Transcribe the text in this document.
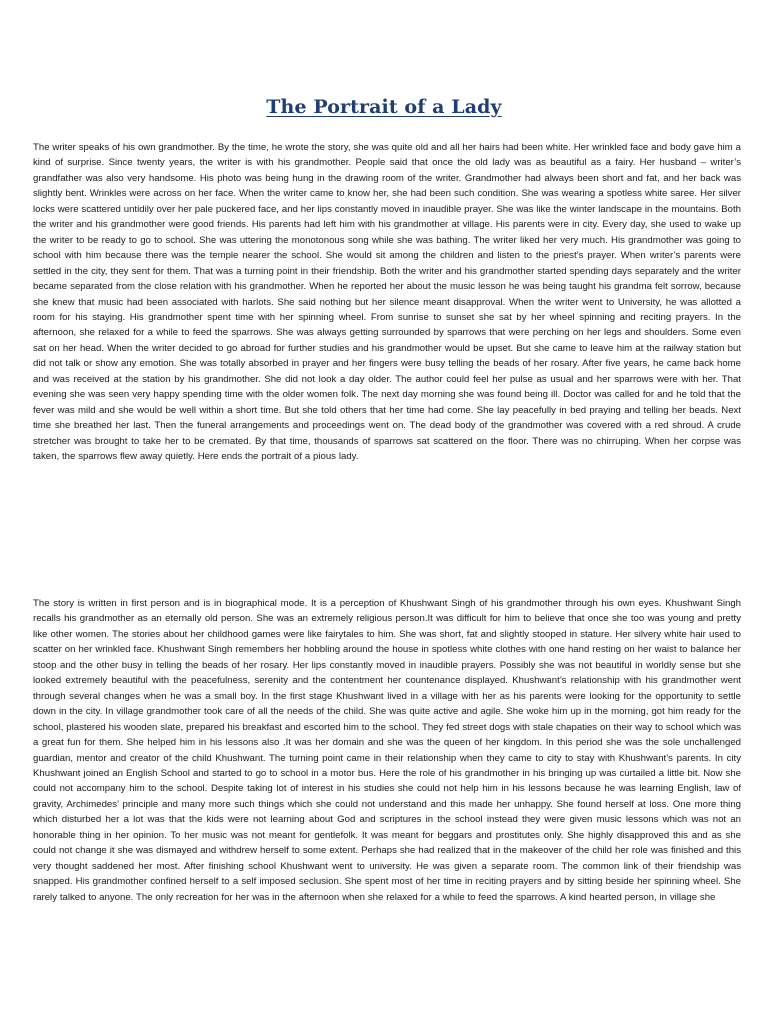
The Portrait of a Lady

The writer speaks of his own grandmother. By the time, he wrote the story, she was quite old and all her hairs had been white. Her wrinkled face and body gave him a kind of surprise. Since twenty years, the writer is with his grandmother. People said that once the old lady was as beautiful as a fairy. Her husband – writer’s grandfather was also very handsome. His photo was being hung in the drawing room of the writer. Grandmother had always been short and fat, and her back was slightly bent. Wrinkles were across on her face. When the writer came to know her, she had been such condition. She was wearing a spotless white saree. Her silver locks were scattered untidily over her pale puckered face, and her lips constantly moved in inaudible prayer. She was like the winter landscape in the mountains. Both the writer and his grandmother were good friends. His parents had left him with his grandmother at village. His parents were in city. Every day, she used to wake up the writer to be ready to go to school. She was uttering the monotonous song while she was bathing. The writer liked her very much. His grandmother was going to school with him because there was the temple nearer the school. She would sit among the children and listen to the priest’s prayer. When writer’s parents were settled in the city, they sent for them. That was a turning point in their friendship. Both the writer and his grandmother started spending days separately and the writer became separated from the close relation with his grandmother. When he reported her about the music lesson he was being taught his grandma felt sorrow, because she knew that music had been associated with harlots. She said nothing but her silence meant disapproval. When the writer went to University, he was allotted a room for his staying. His grandmother spent time with her spinning wheel. From sunrise to sunset she sat by her wheel spinning and reciting prayers. In the afternoon, she relaxed for a while to feed the sparrows. She was always getting surrounded by sparrows that were perching on her legs and shoulders. Some even sat on her head. When the writer decided to go abroad for further studies and his grandmother would be upset. But she came to leave him at the railway station but did not talk or show any emotion. She was totally absorbed in prayer and her fingers were busy telling the beads of her rosary. After five years, he came back home and was received at the station by his grandmother. She did not look a day older. The author could feel her pulse as usual and her sparrows were with her. That evening she was seen very happy spending time with the older women folk. The next day morning she was found being ill. Doctor was called for and he told that the fever was mild and she would be well within a short time. But she told others that her time had come. She lay peacefully in bed praying and telling her beads. Next time she breathed her last. Then the funeral arrangements and proceedings went on. The dead body of the grandmother was covered with a red shroud. A crude stretcher was brought to take her to be cremated. By that time, thousands of sparrows sat scattered on the floor. There was no chirruping. When her corpse was taken, the sparrows flew away quietly. Here ends the portrait of a pious lady.

The story is written in first person and is in biographical mode. It is a perception of Khushwant Singh of his grandmother through his own eyes. Khushwant Singh recalls his grandmother as an eternally old person. She was an extremely religious person.It was difficult for him to believe that once she too was young and pretty like other women. The stories about her childhood games were like fairytales to him. She was short, fat and slightly stooped in stature. Her silvery white hair used to scatter on her wrinkled face. Khushwant Singh remembers her hobbling around the house in spotless white clothes with one hand resting on her waist to balance her stoop and the other busy in telling the beads of her rosary. Her lips constantly moved in inaudible prayers. Possibly she was not beautiful in worldly sense but she looked extremely beautiful with the peacefulness, serenity and the contentment her countenance displayed. Khushwant’s relationship with his grandmother went through several changes when he was a small boy. In the first stage Khushwant lived in a village with her as his parents were looking for the opportunity to settle down in the city. In village grandmother took care of all the needs of the child. She was quite active and agile. She woke him up in the morning, got him ready for the school, plastered his wooden slate, prepared his breakfast and escorted him to the school. They fed street dogs with stale chapaties on their way to school which was a great fun for them. She helped him in his lessons also .It was her domain and she was the queen of her kingdom. In this period she was the sole unchallenged guardian, mentor and creator of the child Khushwant. The turning point came in their relationship when they came to city to stay with Khushwant’s parents. In city Khushwant joined an English School and started to go to school in a motor bus. Here the role of his grandmother in his bringing up was curtailed a little bit. Now she could not accompany him to the school. Despite taking lot of interest in his studies she could not help him in his lessons because he was learning English, law of gravity, Archimedes’ principle and many more such things which she could not understand and this made her unhappy. She found herself at loss. One more thing which disturbed her a lot was that the kids were not learning about God and scriptures in the school instead they were given music lessons which was not an honorable thing in her opinion. To her music was not meant for gentlefolk. It was meant for beggars and prostitutes only. She highly disapproved this and as she could not change it she was dismayed and withdrew herself to some extent. Perhaps she had realized that in the makeover of the child her role was finished and this very thought saddened her most. After finishing school Khushwant went to university. He was given a separate room. The common link of their friendship was snapped. His grandmother confined herself to a self imposed seclusion. She spent most of her time in reciting prayers and by sitting beside her spinning wheel. She rarely talked to anyone. The only recreation for her was in the afternoon when she relaxed for a while to feed the sparrows. A kind hearted person, in village she
